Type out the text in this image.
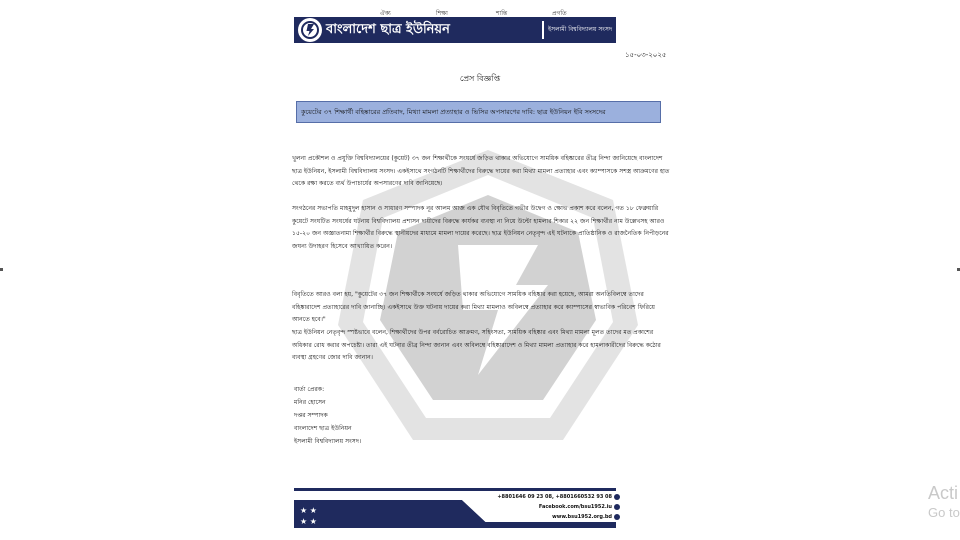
ঐক্য	শিক্ষা	শান্তি	প্রগতি
বাংলাদেশ ছাত্র ইউনিয়ন	ইসলামী বিশ্ববিদ্যালয় সংসদ
১৫-০৩-২০২৫
প্রেস বিজ্ঞপ্তি
কুয়েটের ৩৭ শিক্ষার্থী বহিষ্কারের প্রতিবাদ, মিথ্যা মামলা প্রত্যাহার ও ভিসির অপসারণের দাবি: ছাত্র ইউনিয়ন ইবি সংসদের

খুলনা প্রকৌশল ও প্রযুক্তি বিশ্ববিদ্যালয়ের (কুয়েট) ৩৭ জন শিক্ষার্থীকে সংঘর্ষে জড়িত থাকার অভিযোগে সাময়িক বহিষ্কারের তীব্র নিন্দা জানিয়েছে বাংলাদেশ ছাত্র ইউনিয়ন, ইসলামী বিশ্ববিদ্যালয় সংসদ। একইসাথে সংগঠনটি শিক্ষার্থীদের বিরুদ্ধে দায়ের করা মিথ্যা মামলা প্রত্যাহার এবং ক্যাম্পাসকে সশস্ত্র আক্রমণের হাত থেকে রক্ষা করতে ব্যর্থ উপাচার্যের অপসারণের দাবি জানিয়েছে।

সংগঠনের সভাপতি মাহমুদুল হাসান ও সাধারণ সম্পাদক নূর আলম আজ এক যৌথ বিবৃতিতে গভীর উদ্বেগ ও ক্ষোভ প্রকাশ করে বলেন, গত ১৮ ফেব্রুয়ারি কুয়েটে সংঘটিত সংঘর্ষের ঘটনায় বিশ্ববিদ্যালয় প্রশাসন দায়ীদের বিরুদ্ধে কার্যকর ব্যবস্থা না নিয়ে উল্টো হামলার শিকার ২২ জন শিক্ষার্থীর নাম উল্লেখসহ আরও ১৫-২০ জন অজ্ঞাতনামা শিক্ষার্থীর বিরুদ্ধে স্থানীয়দের মাধ্যমে মামলা দায়ের করেছে। ছাত্র ইউনিয়ন নেতৃবৃন্দ এই ঘটনাকে প্রাতিষ্ঠানিক ও রাজনৈতিক নিপীড়নের জঘন্য উদাহরণ হিসেবে আখ্যায়িত করেন।

বিবৃতিতে আরও বলা হয়, "কুয়েটের ৩৭ জন শিক্ষার্থীকে সংঘর্ষে জড়িত থাকার অভিযোগে সাময়িক বহিষ্কার করা হয়েছে, আমরা অনতিবিলম্বে তাদের বহিষ্কারাদেশ প্রত্যাহারের দাবি জানাচ্ছি। একইসাথে উক্ত ঘটনায় দায়ের করা মিথ্যা মামলাও অবিলম্বে প্রত্যাহার করে ক্যাম্পাসের স্বাভাবিক পরিবেশ ফিরিয়ে আনতে হবে।"

ছাত্র ইউনিয়ন নেতৃবৃন্দ স্পষ্টভাবে বলেন, শিক্ষার্থীদের উপর বর্বরোচিত আক্রমণ, সহিংসতা, সাময়িক বহিষ্কার এবং মিথ্যা মামলা মূলত তাদের মত প্রকাশের অধিকার রোধ করার অপচেষ্টা। তারা এই ঘটনার তীব্র নিন্দা জানান এবং অবিলম্বে বহিষ্কারাদেশ ও মিথ্যা মামলা প্রত্যাহার করে হামলাকারীদের বিরুদ্ধে কঠোর ব্যবস্থা গ্রহণের জোর দাবি জানান।

বার্তা প্রেরক:
মনির হোসেন
দপ্তর সম্পাদক
বাংলাদেশ ছাত্র ইউনিয়ন
ইসলামী বিশ্ববিদ্যালয় সংসদ।
★ ★
★ ★
+8801646 09 23 08, +8801660532 93 08
Facebook.com/bsu1952.iu
www.bsu1952.org.bd
Acti
Go to
